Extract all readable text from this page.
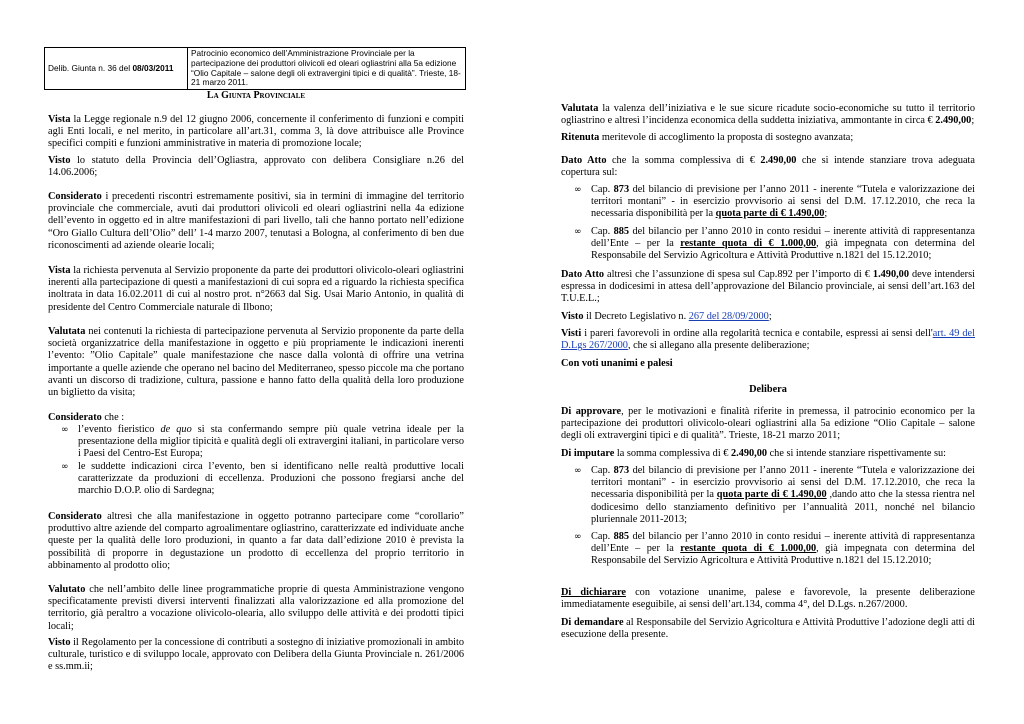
Delib. Giunta n. 36 del 08/03/2011	Patrocinio economico dell’Amministrazione Provinciale per la partecipazione dei produttori olivicoli ed oleari ogliastrini alla 5a edizione “Olio Capitale – salone degli oli extravergini tipici e di qualità”. Trieste, 18-21 marzo 2011.
La Giunta Provinciale

Vista la Legge regionale n.9 del 12 giugno 2006, concernente il conferimento di funzioni e compiti agli Enti locali, e nel merito, in particolare all’art.31, comma 3, là dove attribuisce alle Province specifici compiti e funzioni amministrative in materia di promozione locale;

Visto lo statuto della Provincia dell’Ogliastra, approvato con delibera Consigliare n.26 del 14.06.2006;

Considerato i precedenti riscontri estremamente positivi, sia in termini di immagine del territorio provinciale che commerciale, avuti dai produttori olivicoli ed oleari ogliastrini nella 4a edizione dell’evento in oggetto ed in altre manifestazioni di pari livello, tali che hanno portato nell’edizione “Oro Giallo Cultura dell’Olio” dell’ 1-4 marzo 2007, tenutasi a Bologna, al conferimento di ben due riconoscimenti ad aziende olearie locali;

Vista la richiesta pervenuta al Servizio proponente da parte dei produttori olivicolo-oleari ogliastrini inerenti alla partecipazione di questi a manifestazioni di cui sopra ed a riguardo la richiesta specifica inoltrata in data 16.02.2011 di cui al nostro prot. n°2663 dal Sig. Usai Mario Antonio, in qualità di presidente del Centro Commerciale naturale di Ilbono;

Valutata nei contenuti la richiesta di partecipazione pervenuta al Servizio proponente da parte della società organizzatrice della manifestazione in oggetto e più propriamente le indicazioni inerenti l’evento: ”Olio Capitale” quale manifestazione che nasce dalla volontà di offrire una vetrina importante a quelle aziende che operano nel bacino del Mediterraneo, spesso piccole ma che portano avanti un discorso di tradizione, cultura, passione e hanno fatto della qualità della loro produzione un biglietto da visita;

Considerato che :

∞ l’evento fieristico de quo si sta confermando sempre più quale vetrina ideale per la presentazione della miglior tipicità e qualità degli oli extravergini italiani, in particolare verso i Paesi del Centro-Est Europa;
∞ le suddette indicazioni circa l’evento, ben si identificano nelle realtà produttive locali caratterizzate da produzioni di eccellenza. Produzioni che possono fregiarsi anche del marchio D.O.P. olio di Sardegna;

Considerato altresì che alla manifestazione in oggetto potranno partecipare come “corollario” produttivo altre aziende del comparto agroalimentare ogliastrino, caratterizzate ed individuate anche queste per la qualità delle loro produzioni, in quanto a far data dall’edizione 2010 è prevista la possibilità di proporre in degustazione un prodotto di eccellenza del proprio territorio in abbinamento al prodotto olio;

Valutato che nell’ambito delle linee programmatiche proprie di questa Amministrazione vengono specificatamente previsti diversi interventi finalizzati alla valorizzazione ed alla promozione del territorio, già peraltro a vocazione olivicolo-olearia, allo sviluppo delle attività e dei prodotti tipici locali;

Visto il Regolamento per la concessione di contributi a sostegno di iniziative promozionali in ambito culturale, turistico e di sviluppo locale, approvato con Delibera della Giunta Provinciale n. 261/2006 e ss.mm.ii;

Valutata la valenza dell’iniziativa e le sue sicure ricadute socio-economiche su tutto il territorio ogliastrino e altresì l’incidenza economica della suddetta iniziativa, ammontante in circa € 2.490,00;

Ritenuta meritevole di accoglimento la proposta di sostegno avanzata;

Dato Atto che la somma complessiva di € 2.490,00 che si intende stanziare trova adeguata copertura sul:

∞ Cap. 873 del bilancio di previsione per l’anno 2011 - inerente “Tutela e valorizzazione dei territori montani” - in esercizio provvisorio ai sensi del D.M. 17.12.2010, che reca la necessaria disponibilità per la quota parte di € 1.490,00;
∞ Cap. 885 del bilancio per l’anno 2010 in conto residui – inerente attività di rappresentanza dell’Ente – per la restante quota di € 1.000,00, già impegnata con determina del Responsabile del Servizio Agricoltura e Attività Produttive n.1821 del 15.12.2010;

Dato Atto altresì che l’assunzione di spesa sul Cap.892 per l’importo di € 1.490,00 deve intendersi espressa in dodicesimi in attesa dell’approvazione del Bilancio provinciale, ai sensi dell’art.163 del T.U.E.L.;

Visto il Decreto Legislativo n. 267 del 28/09/2000;

Visti i pareri favorevoli in ordine alla regolarità tecnica e contabile, espressi ai sensi dell'art. 49 del D.Lgs 267/2000, che si allegano alla presente deliberazione;

Con voti unanimi e palesi

Delibera

Di approvare, per le motivazioni e finalità riferite in premessa, il patrocinio economico per la partecipazione dei produttori olivicolo-oleari ogliastrini alla 5a edizione “Olio Capitale – salone degli oli extravergini tipici e di qualità”. Trieste, 18-21 marzo 2011;

Di imputare la somma complessiva di € 2.490,00 che si intende stanziare rispettivamente su:

∞ Cap. 873 del bilancio di previsione per l’anno 2011 - inerente “Tutela e valorizzazione dei territori montani” - in esercizio provvisorio ai sensi del D.M. 17.12.2010, che reca la necessaria disponibilità per la quota parte di € 1.490,00 ,dando atto che la stessa rientra nel dodicesimo dello stanziamento definitivo per l’annualità 2011, nonché nel bilancio pluriennale 2011-2013;
∞ Cap. 885 del bilancio per l’anno 2010 in conto residui – inerente attività di rappresentanza dell’Ente – per la restante quota di € 1.000,00, già impegnata con determina del Responsabile del Servizio Agricoltura e Attività Produttive n.1821 del 15.12.2010;

Di dichiarare con votazione unanime, palese e favorevole, la presente deliberazione immediatamente eseguibile, ai sensi dell’art.134, comma 4°, del D.Lgs. n.267/2000.

Di demandare al Responsabile del Servizio Agricoltura e Attività Produttive l’adozione degli atti di esecuzione della presente.
